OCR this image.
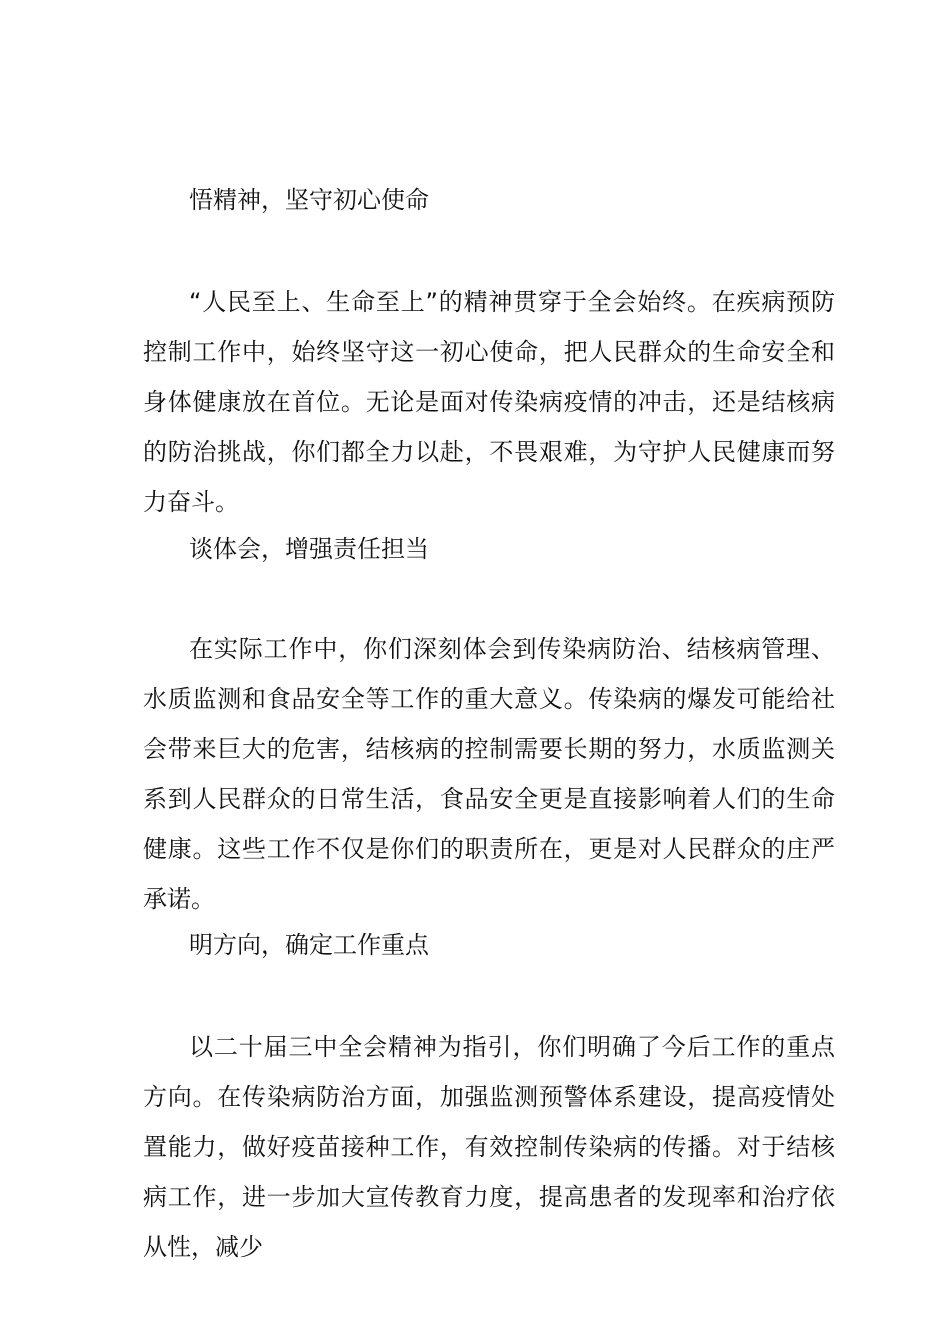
悟精神，坚守初心使命

“人民至上、生命至上”的精神贯穿于全会始终。在疾病预防控制工作中，始终坚守这一初心使命，把人民群众的生命安全和身体健康放在首位。无论是面对传染病疫情的冲击，还是结核病的防治挑战，你们都全力以赴，不畏艰难，为守护人民健康而努力奋斗。

谈体会，增强责任担当

在实际工作中，你们深刻体会到传染病防治、结核病管理、水质监测和食品安全等工作的重大意义。传染病的爆发可能给社会带来巨大的危害，结核病的控制需要长期的努力，水质监测关系到人民群众的日常生活，食品安全更是直接影响着人们的生命健康。这些工作不仅是你们的职责所在，更是对人民群众的庄严承诺。

明方向，确定工作重点

以二十届三中全会精神为指引，你们明确了今后工作的重点方向。在传染病防治方面，加强监测预警体系建设，提高疫情处置能力，做好疫苗接种工作，有效控制传染病的传播。对于结核病工作，进一步加大宣传教育力度，提高患者的发现率和治疗依从性，减少
